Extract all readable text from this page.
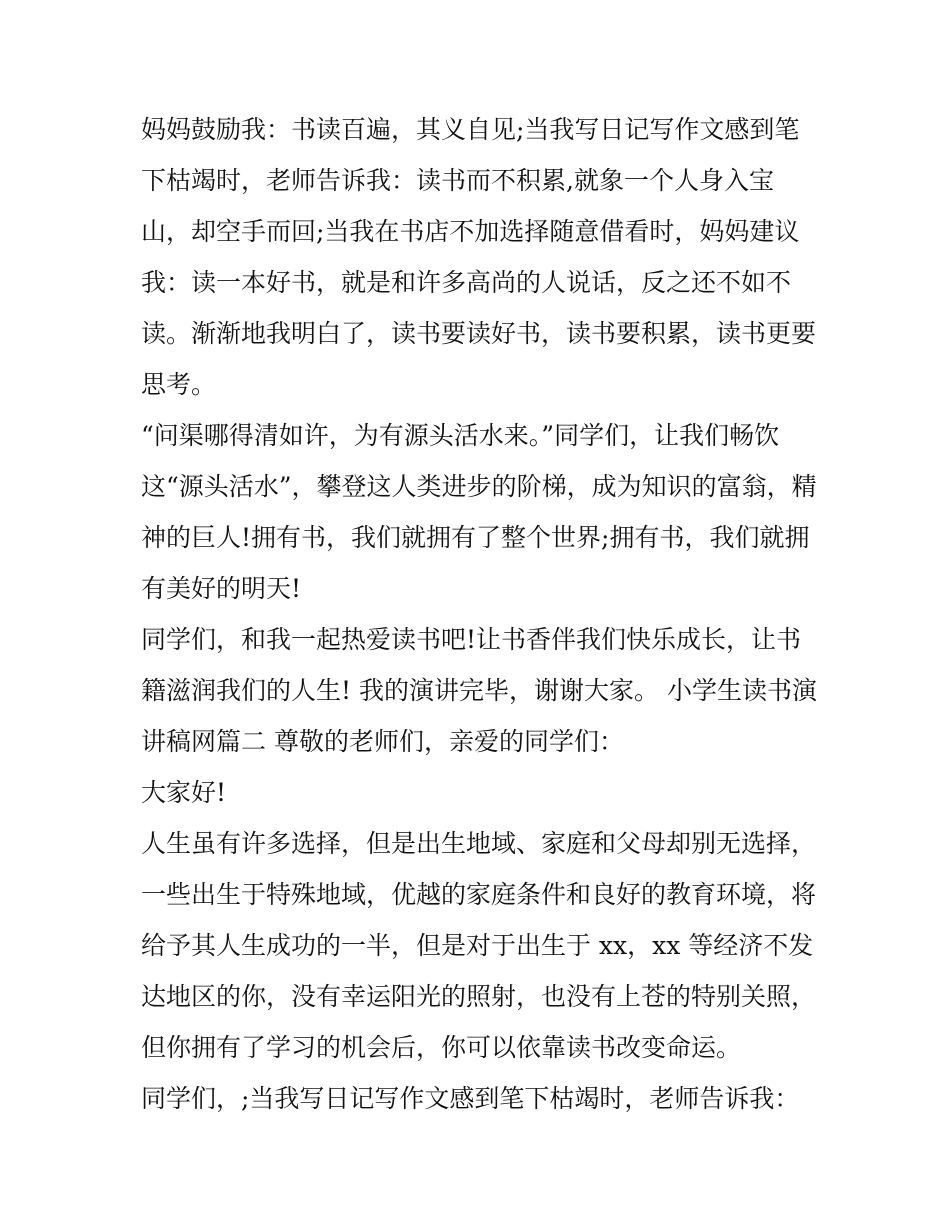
妈妈鼓励我：书读百遍，其义自见;当我写日记写作文感到笔
下枯竭时，老师告诉我：读书而不积累,就象一个人身入宝
山，却空手而回;当我在书店不加选择随意借看时，妈妈建议
我：读一本好书，就是和许多高尚的人说话，反之还不如不
读。渐渐地我明白了，读书要读好书，读书要积累，读书更要
思考。
“问渠哪得清如许，为有源头活水来。”同学们，让我们畅饮
这“源头活水”，攀登这人类进步的阶梯，成为知识的富翁，精
神的巨人!拥有书，我们就拥有了整个世界;拥有书，我们就拥
有美好的明天!
同学们，和我一起热爱读书吧!让书香伴我们快乐成长，让书
籍滋润我们的人生! 我的演讲完毕，谢谢大家。 小学生读书演
讲稿网篇二 尊敬的老师们，亲爱的同学们：
大家好!
人生虽有许多选择，但是出生地域、家庭和父母却别无选择，
一些出生于特殊地域，优越的家庭条件和良好的教育环境，将
给予其人生成功的一半，但是对于出生于 xx，xx 等经济不发
达地区的你，没有幸运阳光的照射，也没有上苍的特别关照，
但你拥有了学习的机会后，你可以依靠读书改变命运。
同学们，;当我写日记写作文感到笔下枯竭时，老师告诉我：
